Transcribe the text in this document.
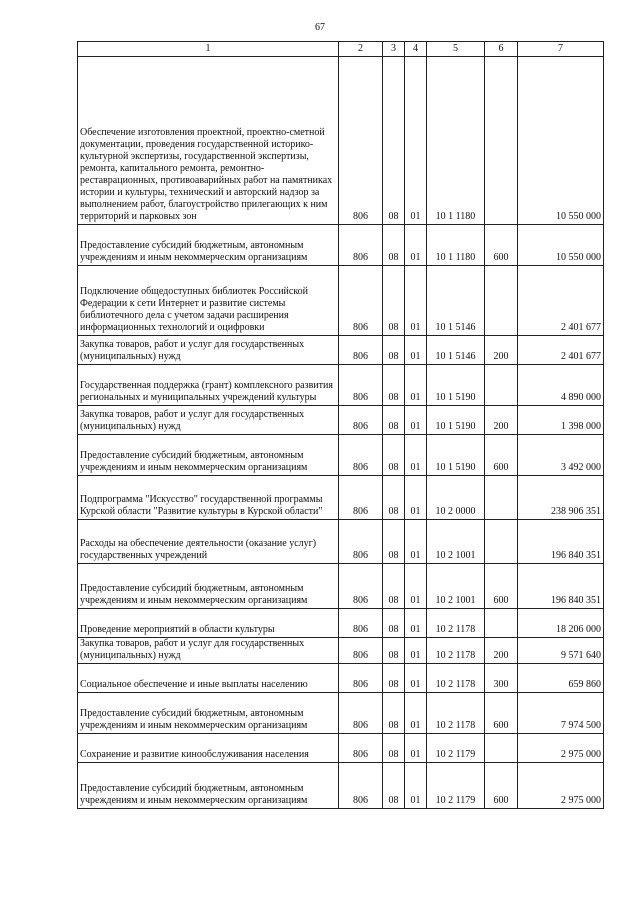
67
1	2	3	4	5	6	7
Обеспечение изготовления проектной, проектно-сметной документации, проведения государственной историко-культурной экспертизы, государственной экспертизы, ремонта, капитального ремонта, ремонтно-реставрационных, противоаварийных работ на памятниках истории и культуры, технический и авторский надзор за выполнением работ, благоустройство прилегающих к ним территорий и парковых зон	806	08	01	10 1 1180		10 550 000
Предоставление субсидий бюджетным, автономным учреждениям и иным некоммерческим организациям	806	08	01	10 1 1180	600	10 550 000
Подключение общедоступных библиотек Российской Федерации к сети Интернет и развитие системы библиотечного дела с учетом задачи расширения информационных технологий и оцифровки	806	08	01	10 1 5146		2 401 677
Закупка товаров, работ и услуг для государственных (муниципальных) нужд	806	08	01	10 1 5146	200	2 401 677
Государственная поддержка (грант) комплексного развития региональных и муниципальных учреждений культуры	806	08	01	10 1 5190		4 890 000
Закупка товаров, работ и услуг для государственных (муниципальных) нужд	806	08	01	10 1 5190	200	1 398 000
Предоставление субсидий бюджетным, автономным учреждениям и иным некоммерческим организациям	806	08	01	10 1 5190	600	3 492 000
Подпрограмма "Искусство" государственной программы Курской области "Развитие культуры в Курской области"	806	08	01	10 2 0000		238 906 351
Расходы на обеспечение деятельности (оказание услуг) государственных учреждений	806	08	01	10 2 1001		196 840 351
Предоставление субсидий бюджетным, автономным учреждениям и иным некоммерческим организациям	806	08	01	10 2 1001	600	196 840 351
Проведение мероприятий в области культуры	806	08	01	10 2 1178		18 206 000
Закупка товаров, работ и услуг для государственных (муниципальных) нужд	806	08	01	10 2 1178	200	9 571 640
Социальное обеспечение и иные выплаты населению	806	08	01	10 2 1178	300	659 860
Предоставление субсидий бюджетным, автономным учреждениям и иным некоммерческим организациям	806	08	01	10 2 1178	600	7 974 500
Сохранение и развитие кинообслуживания населения	806	08	01	10 2 1179		2 975 000
Предоставление субсидий бюджетным, автономным учреждениям и иным некоммерческим организациям	806	08	01	10 2 1179	600	2 975 000
